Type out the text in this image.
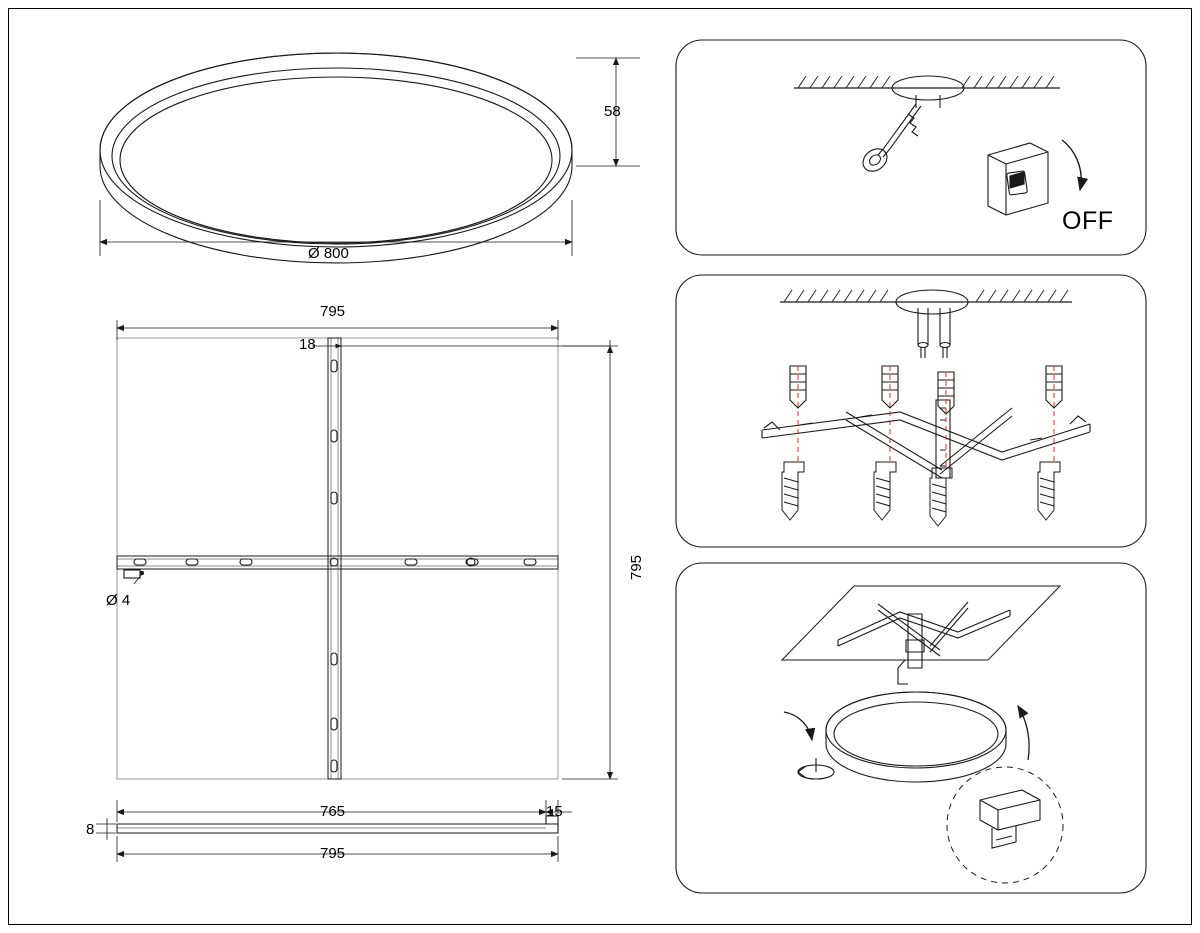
58
Ø 800
795
18
795
Ø 4
765	15
8
795
OFF
